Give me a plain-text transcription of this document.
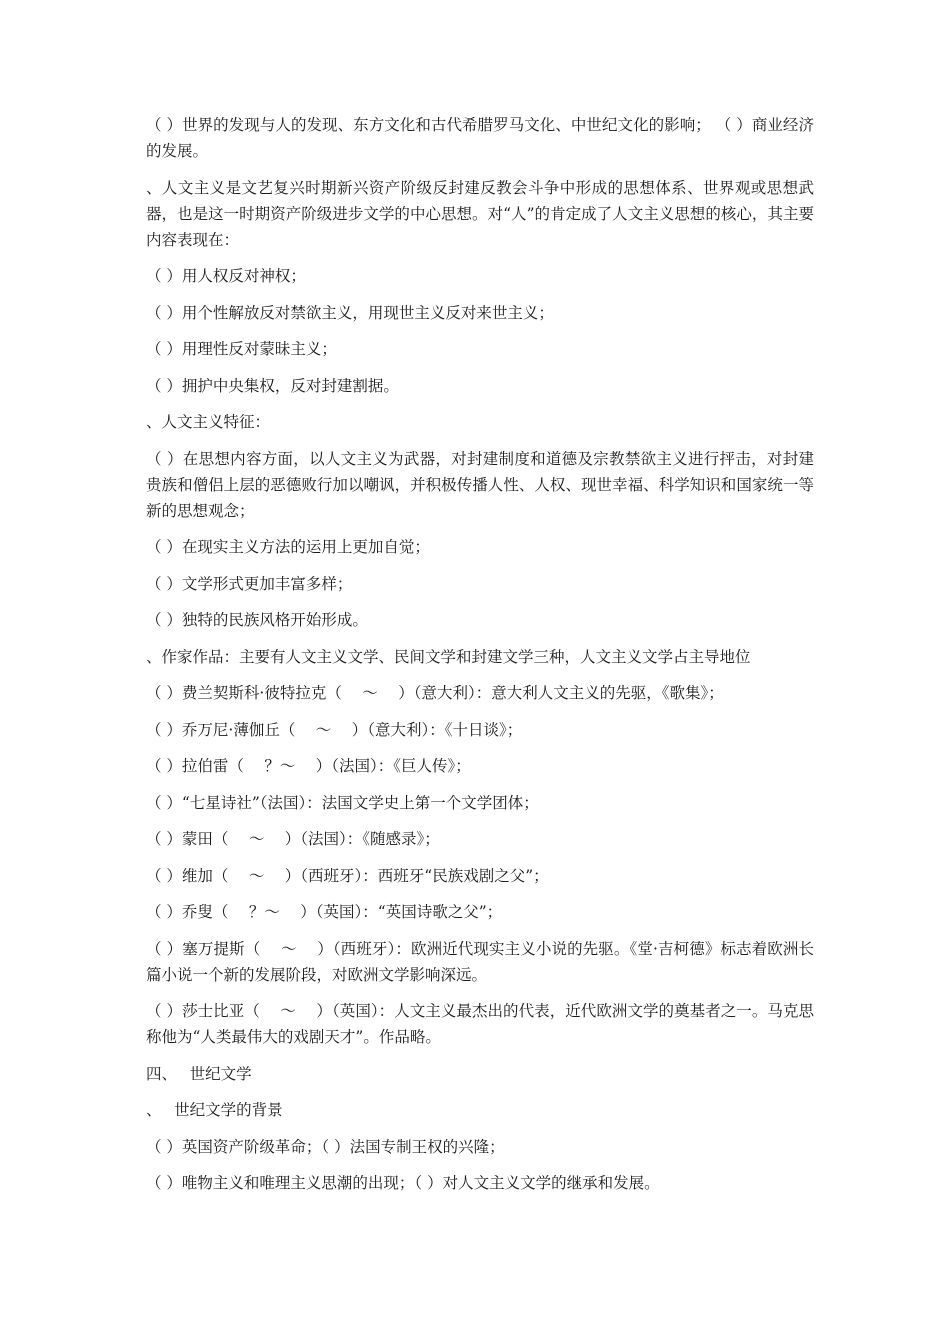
（ ）世界的发现与人的发现、东方文化和古代希腊罗马文化、中世纪文化的影响； （ ）商业经济的发展。

、人文主义是文艺复兴时期新兴资产阶级反封建反教会斗争中形成的思想体系、世界观或思想武器，也是这一时期资产阶级进步文学的中心思想。对“人”的肯定成了人文主义思想的核心，其主要内容表现在：

（ ）用人权反对神权；

（ ）用个性解放反对禁欲主义，用现世主义反对来世主义；

（ ）用理性反对蒙昧主义；

（ ）拥护中央集权，反对封建割据。

、人文主义特征：

（ ）在思想内容方面，以人文主义为武器，对封建制度和道德及宗教禁欲主义进行抨击，对封建贵族和僧侣上层的恶德败行加以嘲讽，并积极传播人性、人权、现世幸福、科学知识和国家统一等新的思想观念；

（ ）在现实主义方法的运用上更加自觉；

（ ）文学形式更加丰富多样；

（ ）独特的民族风格开始形成。

、作家作品：主要有人文主义文学、民间文学和封建文学三种，人文主义文学占主导地位

（ ）费兰契斯科·彼特拉克（　 ～　 ）（意大利）：意大利人文主义的先驱，《歌集》；

（ ）乔万尼·薄伽丘（　 ～　 ）（意大利）：《十日谈》；

（ ）拉伯雷（　 ？～　 ）（法国）：《巨人传》；

（ ）“七星诗社”（法国）：法国文学史上第一个文学团体；

（ ）蒙田（　 ～　 ）（法国）：《随感录》；

（ ）维加（　 ～　 ）（西班牙）：西班牙“民族戏剧之父”；

（ ）乔叟（　 ？～　 ）（英国）：“英国诗歌之父”；

（ ）塞万提斯（　 ～　 ）（西班牙）：欧洲近代现实主义小说的先驱。《堂·吉柯德》标志着欧洲长篇小说一个新的发展阶段，对欧洲文学影响深远。

（ ）莎士比亚（　 ～　 ）（英国）：人文主义最杰出的代表，近代欧洲文学的奠基者之一。马克思称他为“人类最伟大的戏剧天才”。作品略。

四、　 世纪文学

、　 世纪文学的背景

（ ）英国资产阶级革命；（ ）法国专制王权的兴隆；

（ ）唯物主义和唯理主义思潮的出现；（ ）对人文主义文学的继承和发展。
